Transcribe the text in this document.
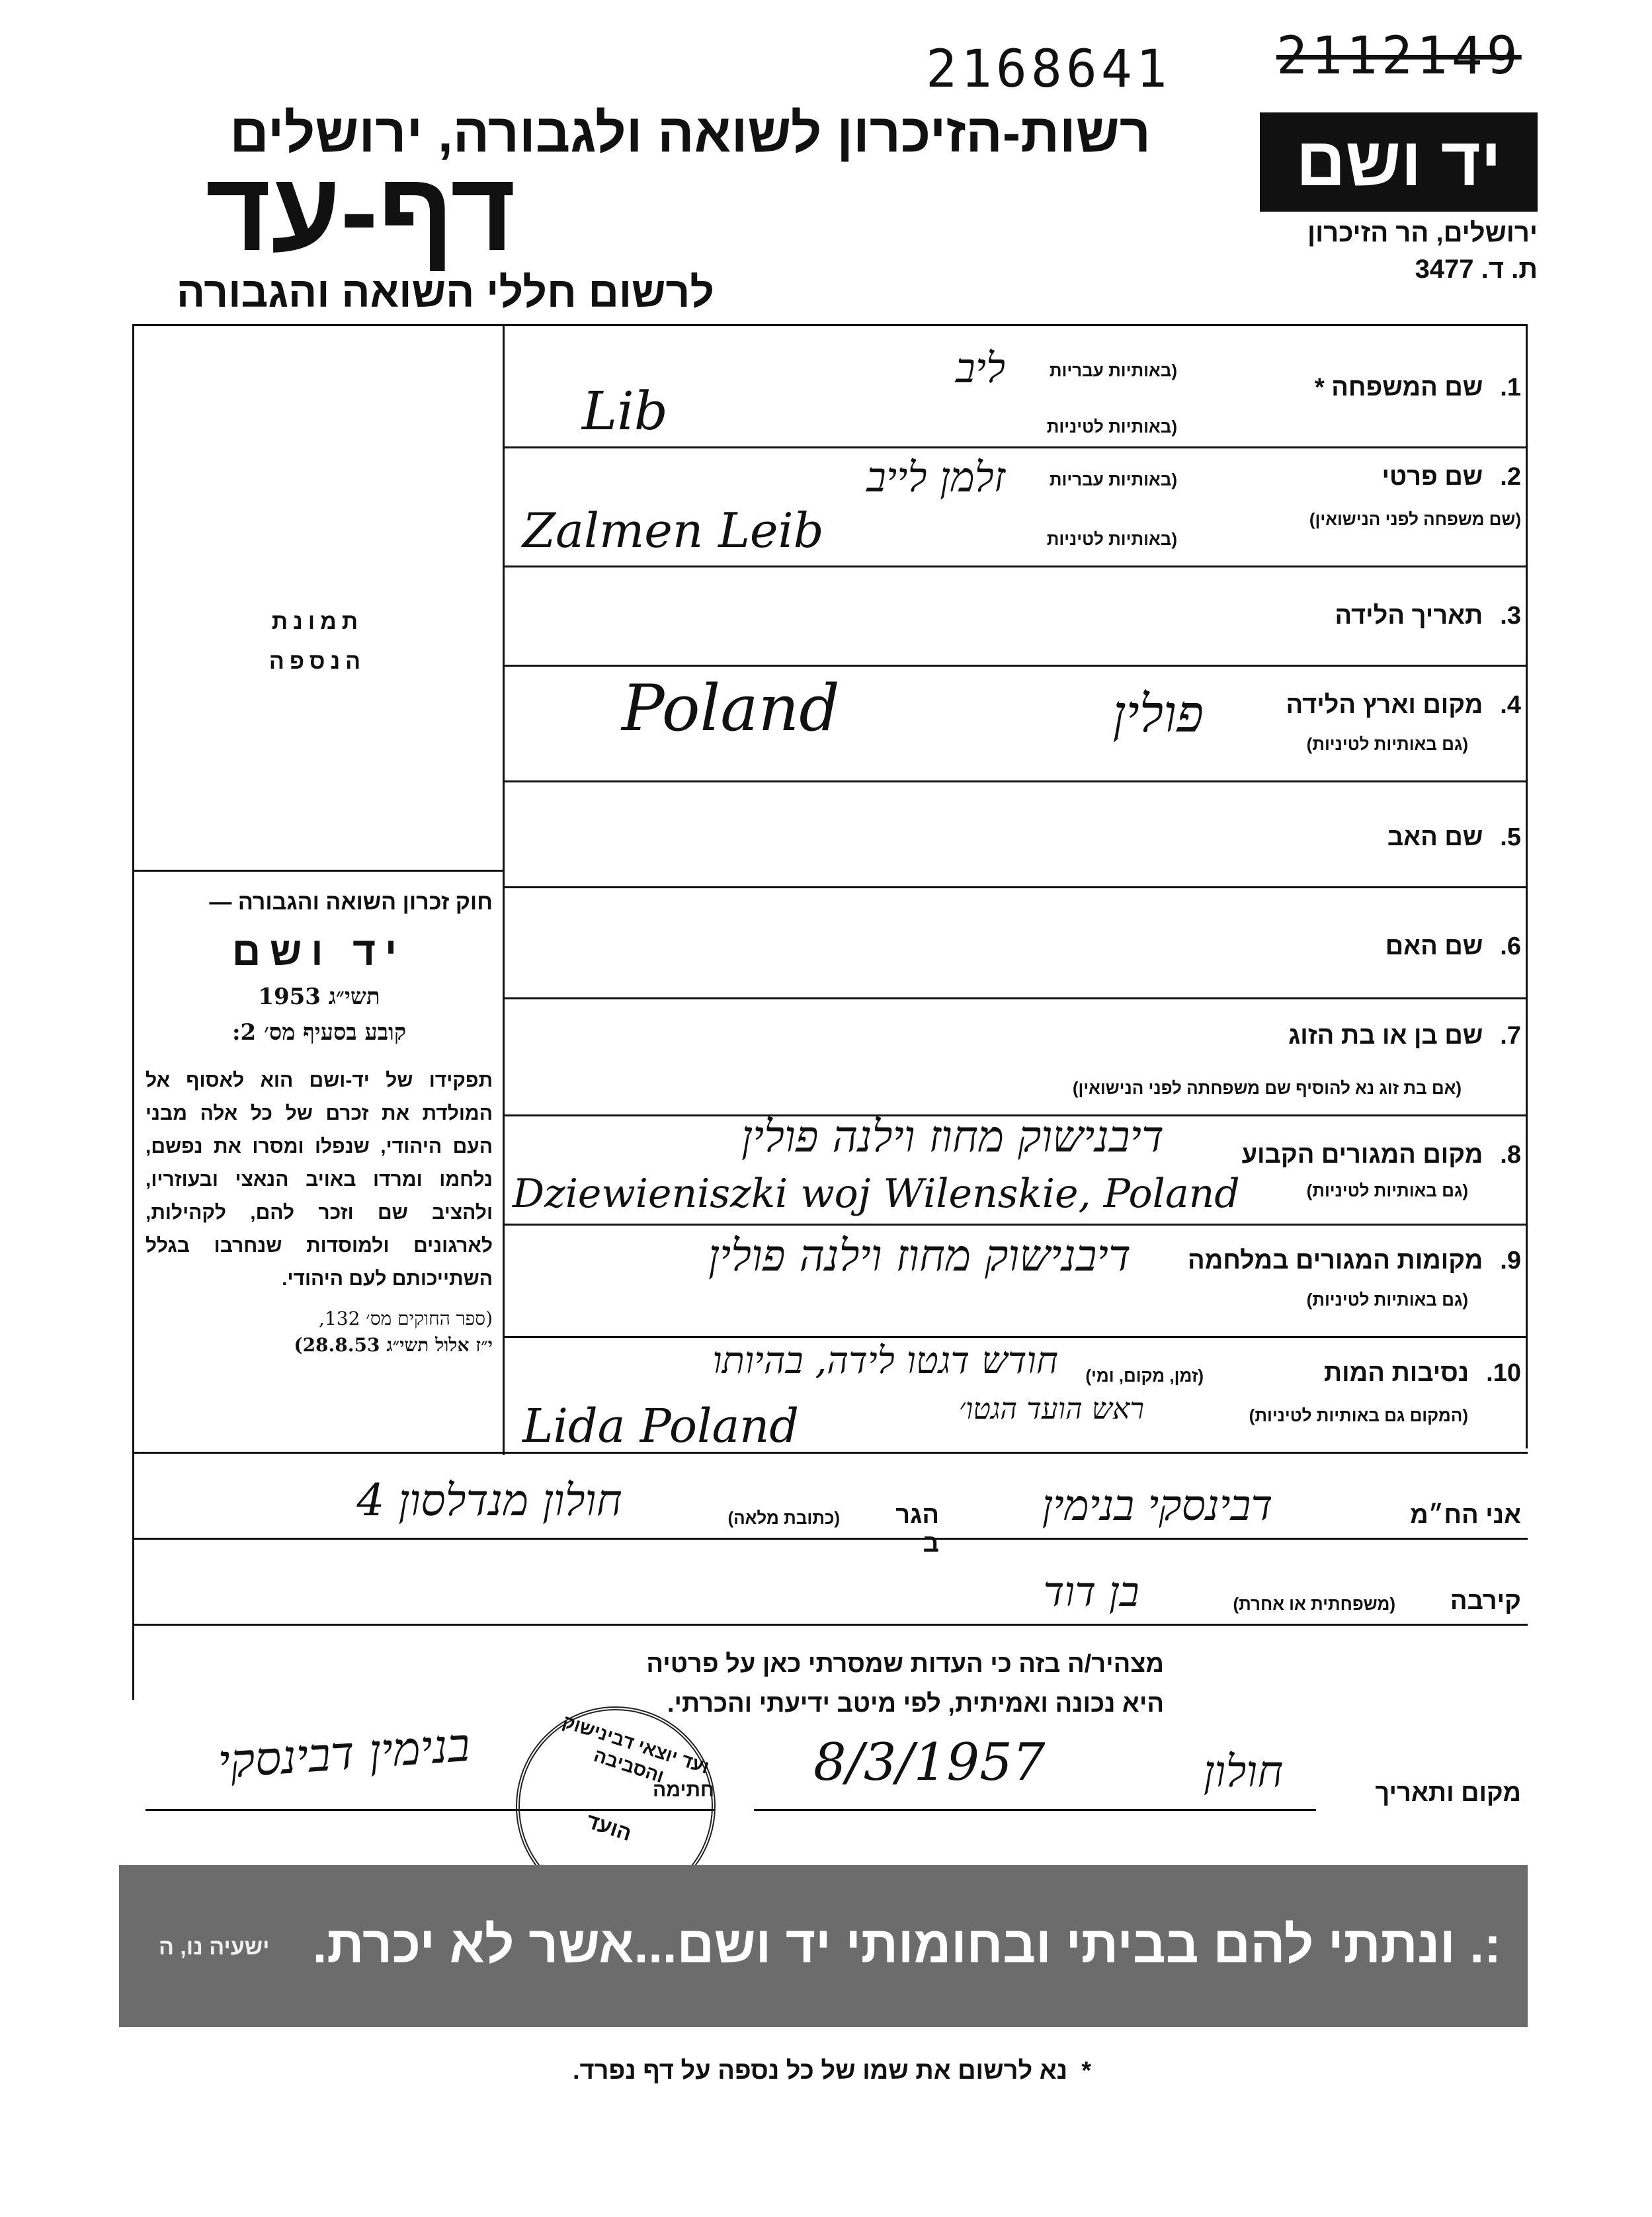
2168641 2112149
רשות-הזיכרון לשואה ולגבורה, ירושלים
דף-עד
לרשום חללי השואה והגבורה
יד ושם
ירושלים, הר הזיכרון
ת. ד. 3477
תמונת
הנספה
חוק זכרון השואה והגבורה —
יד ושם
תשי״ג 1953
קובע בסעיף מס׳ 2:
תפקידו של יד-ושם הוא לאסוף אל המולדת את זכרם של כל אלה מבני העם היהודי, שנפלו ומסרו את נפשם, נלחמו ומרדו באויב הנאצי ובעוזריו, ולהציב שם וזכר להם, לקהילות, לארגונים ולמוסדות שנחרבו בגלל השתייכותם לעם היהודי.
(ספר החוקים מס׳ 132,
י״ז אלול תשי״ג 28.8.53)
1.
שם המשפחה *
(באותיות עבריות
(באותיות לטיניות
ליב
Lib
2.
שם פרטי
(שם משפחה לפני הנישואין)
(באותיות עבריות
(באותיות לטיניות
זלמן לייב
Zalmen Leib
3.
תאריך הלידה
4.
מקום וארץ הלידה
(גם באותיות לטיניות)
פולין
Poland
5.
שם האב
6.
שם האם
7.
שם בן או בת הזוג
(אם בת זוג נא להוסיף שם משפחתה לפני הנישואין)
8.
מקום המגורים הקבוע
(גם באותיות לטיניות)
דיבנישוק מחוז וילנה פולין
Dziewieniszki woj Wilenskie, Poland
9.
מקומות המגורים במלחמה
(גם באותיות לטיניות)
דיבנישוק מחוז וילנה פולין
10.
נסיבות המות
(זמן, מקום, ומי)
(המקום גם באותיות לטיניות)
חודש דגטו לידה, בהיותו
ראש הועד הגטו׳
Lida Poland
אני הח״מ
דבינסקי בנימין
הגר ב
(כתובת מלאה)
חולון מנדלסון 4
קירבה
(משפחתית או אחרת)
בן דוד
מצהיר/ה בזה כי העדות שמסרתי כאן על פרטיה
היא נכונה ואמיתית, לפי מיטב ידיעתי והכרתי.
מקום ותאריך
חולון
8/3/1957
חתימה
בנימין דבינסקי	ועד יוצאי דבינישוק והסביבה
הועד
:. ונתתי להם בביתי ובחומותי יד ושם...אשר לא יכרת.
ישעיה נו, ה
*  נא לרשום את שמו של כל נספה על דף נפרד.
